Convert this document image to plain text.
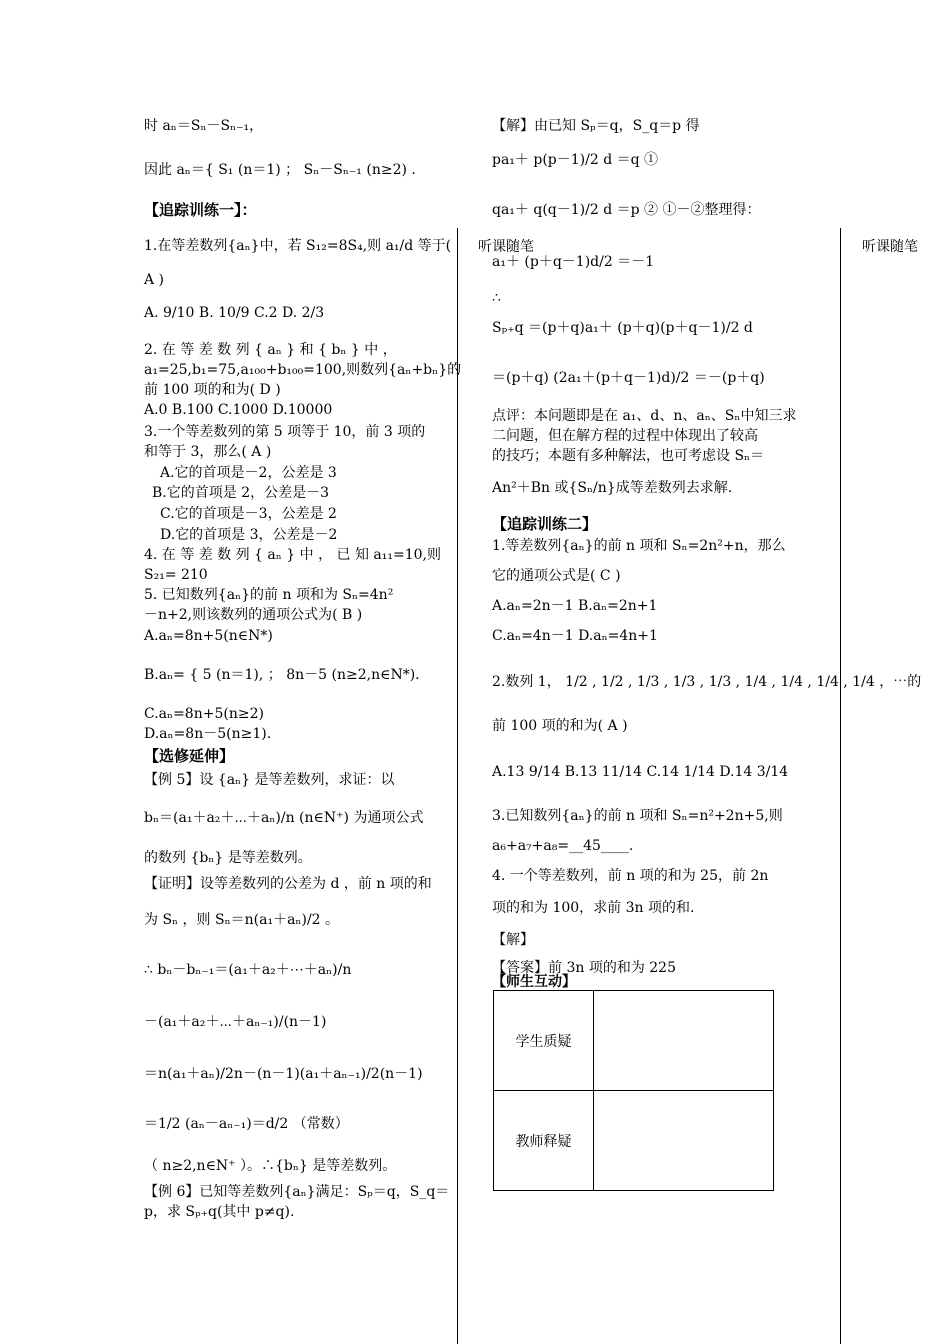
听课随笔	听课随笔

时 aₙ＝Sₙ－Sₙ₋₁，

因此 aₙ＝{ S₁ (n＝1) ； Sₙ－Sₙ₋₁ (n≥2) .

【追踪训练一】：

1.在等差数列{aₙ}中，若 S₁₂=8S₄,则 a₁/d 等于(

A )

A. 9/10 B. 10/9 C.2 D. 2/3

2. 在 等 差 数 列 { aₙ } 和 { bₙ } 中 ，

a₁=25,b₁=75,a₁₀₀+b₁₀₀=100,则数列{aₙ+bₙ}的

前 100 项的和为( D )

A.0 B.100 C.1000 D.10000

3.一个等差数列的第 5 项等于 10，前 3 项的

和等于 3，那么( A )

A.它的首项是－2，公差是 3

B.它的首项是 2，公差是－3

C.它的首项是－3，公差是 2

D.它的首项是 3，公差是－2

4. 在 等 差 数 列 { aₙ } 中 ， 已 知 a₁₁=10,则

S₂₁= 210

5. 已知数列{aₙ}的前 n 项和为 Sₙ=4n²

－n+2,则该数列的通项公式为( B )

A.aₙ=8n+5(n∈N*)

B.aₙ= { 5 (n＝1), ； 8n－5 (n≥2,n∈N*).

C.aₙ=8n+5(n≥2)

D.aₙ=8n－5(n≥1).

【选修延伸】

【例 5】设 {aₙ} 是等差数列，求证：以

bₙ＝(a₁＋a₂＋⋯＋aₙ)/n (n∈N⁺) 为通项公式

的数列 {bₙ} 是等差数列。

【证明】设等差数列的公差为 d ，前 n 项的和

为 Sₙ ，则 Sₙ＝n(a₁＋aₙ)/2 。

∴ bₙ－bₙ₋₁＝(a₁＋a₂＋⋯＋aₙ)/n

－(a₁＋a₂＋⋯＋aₙ₋₁)/(n－1)

＝n(a₁＋aₙ)/2n－(n－1)(a₁＋aₙ₋₁)/2(n－1)

＝1/2 (aₙ－aₙ₋₁)＝d/2 （常数）

（ n≥2,n∈N⁺ ）。∴{bₙ} 是等差数列。

【例 6】已知等差数列{aₙ}满足：Sₚ＝q，S_q＝

p，求 Sₚ₊q(其中 p≠q).

【解】由已知 Sₚ＝q，S_q＝p 得

pa₁＋ p(p－1)/2 d ＝q ①

qa₁＋ q(q－1)/2 d ＝p ② ①－②整理得：

a₁＋ (p＋q－1)d/2 ＝－1

∴

Sₚ₊q ＝(p＋q)a₁＋ (p＋q)(p＋q－1)/2 d

＝(p＋q) (2a₁＋(p＋q－1)d)/2 ＝－(p＋q)

点评：本问题即是在 a₁、d、n、aₙ、Sₙ中知三求

二问题，但在解方程的过程中体现出了较高

的技巧；本题有多种解法，也可考虑设 Sₙ＝

An²＋Bn 或{Sₙ/n}成等差数列去求解.

【追踪训练二】

1.等差数列{aₙ}的前 n 项和 Sₙ=2n²+n，那么

它的通项公式是( C )

A.aₙ=2n－1 B.aₙ=2n+1

C.aₙ=4n－1 D.aₙ=4n+1

2.数列 1， 1/2 , 1/2 , 1/3 , 1/3 , 1/3 , 1/4 , 1/4 , 1/4 , 1/4 ，⋯的

前 100 项的和为( A )

A.13 9/14 B.13 11/14 C.14 1/14 D.14 3/14

3.已知数列{aₙ}的前 n 项和 Sₙ=n²+2n+5,则

a₆+a₇+a₈=__45____.

4. 一个等差数列，前 n 项的和为 25，前 2n

项的和为 100，求前 3n 项的和.

【解】

【答案】前 3n 项的和为 225

【师生互动】

学生质疑	
教师释疑	
